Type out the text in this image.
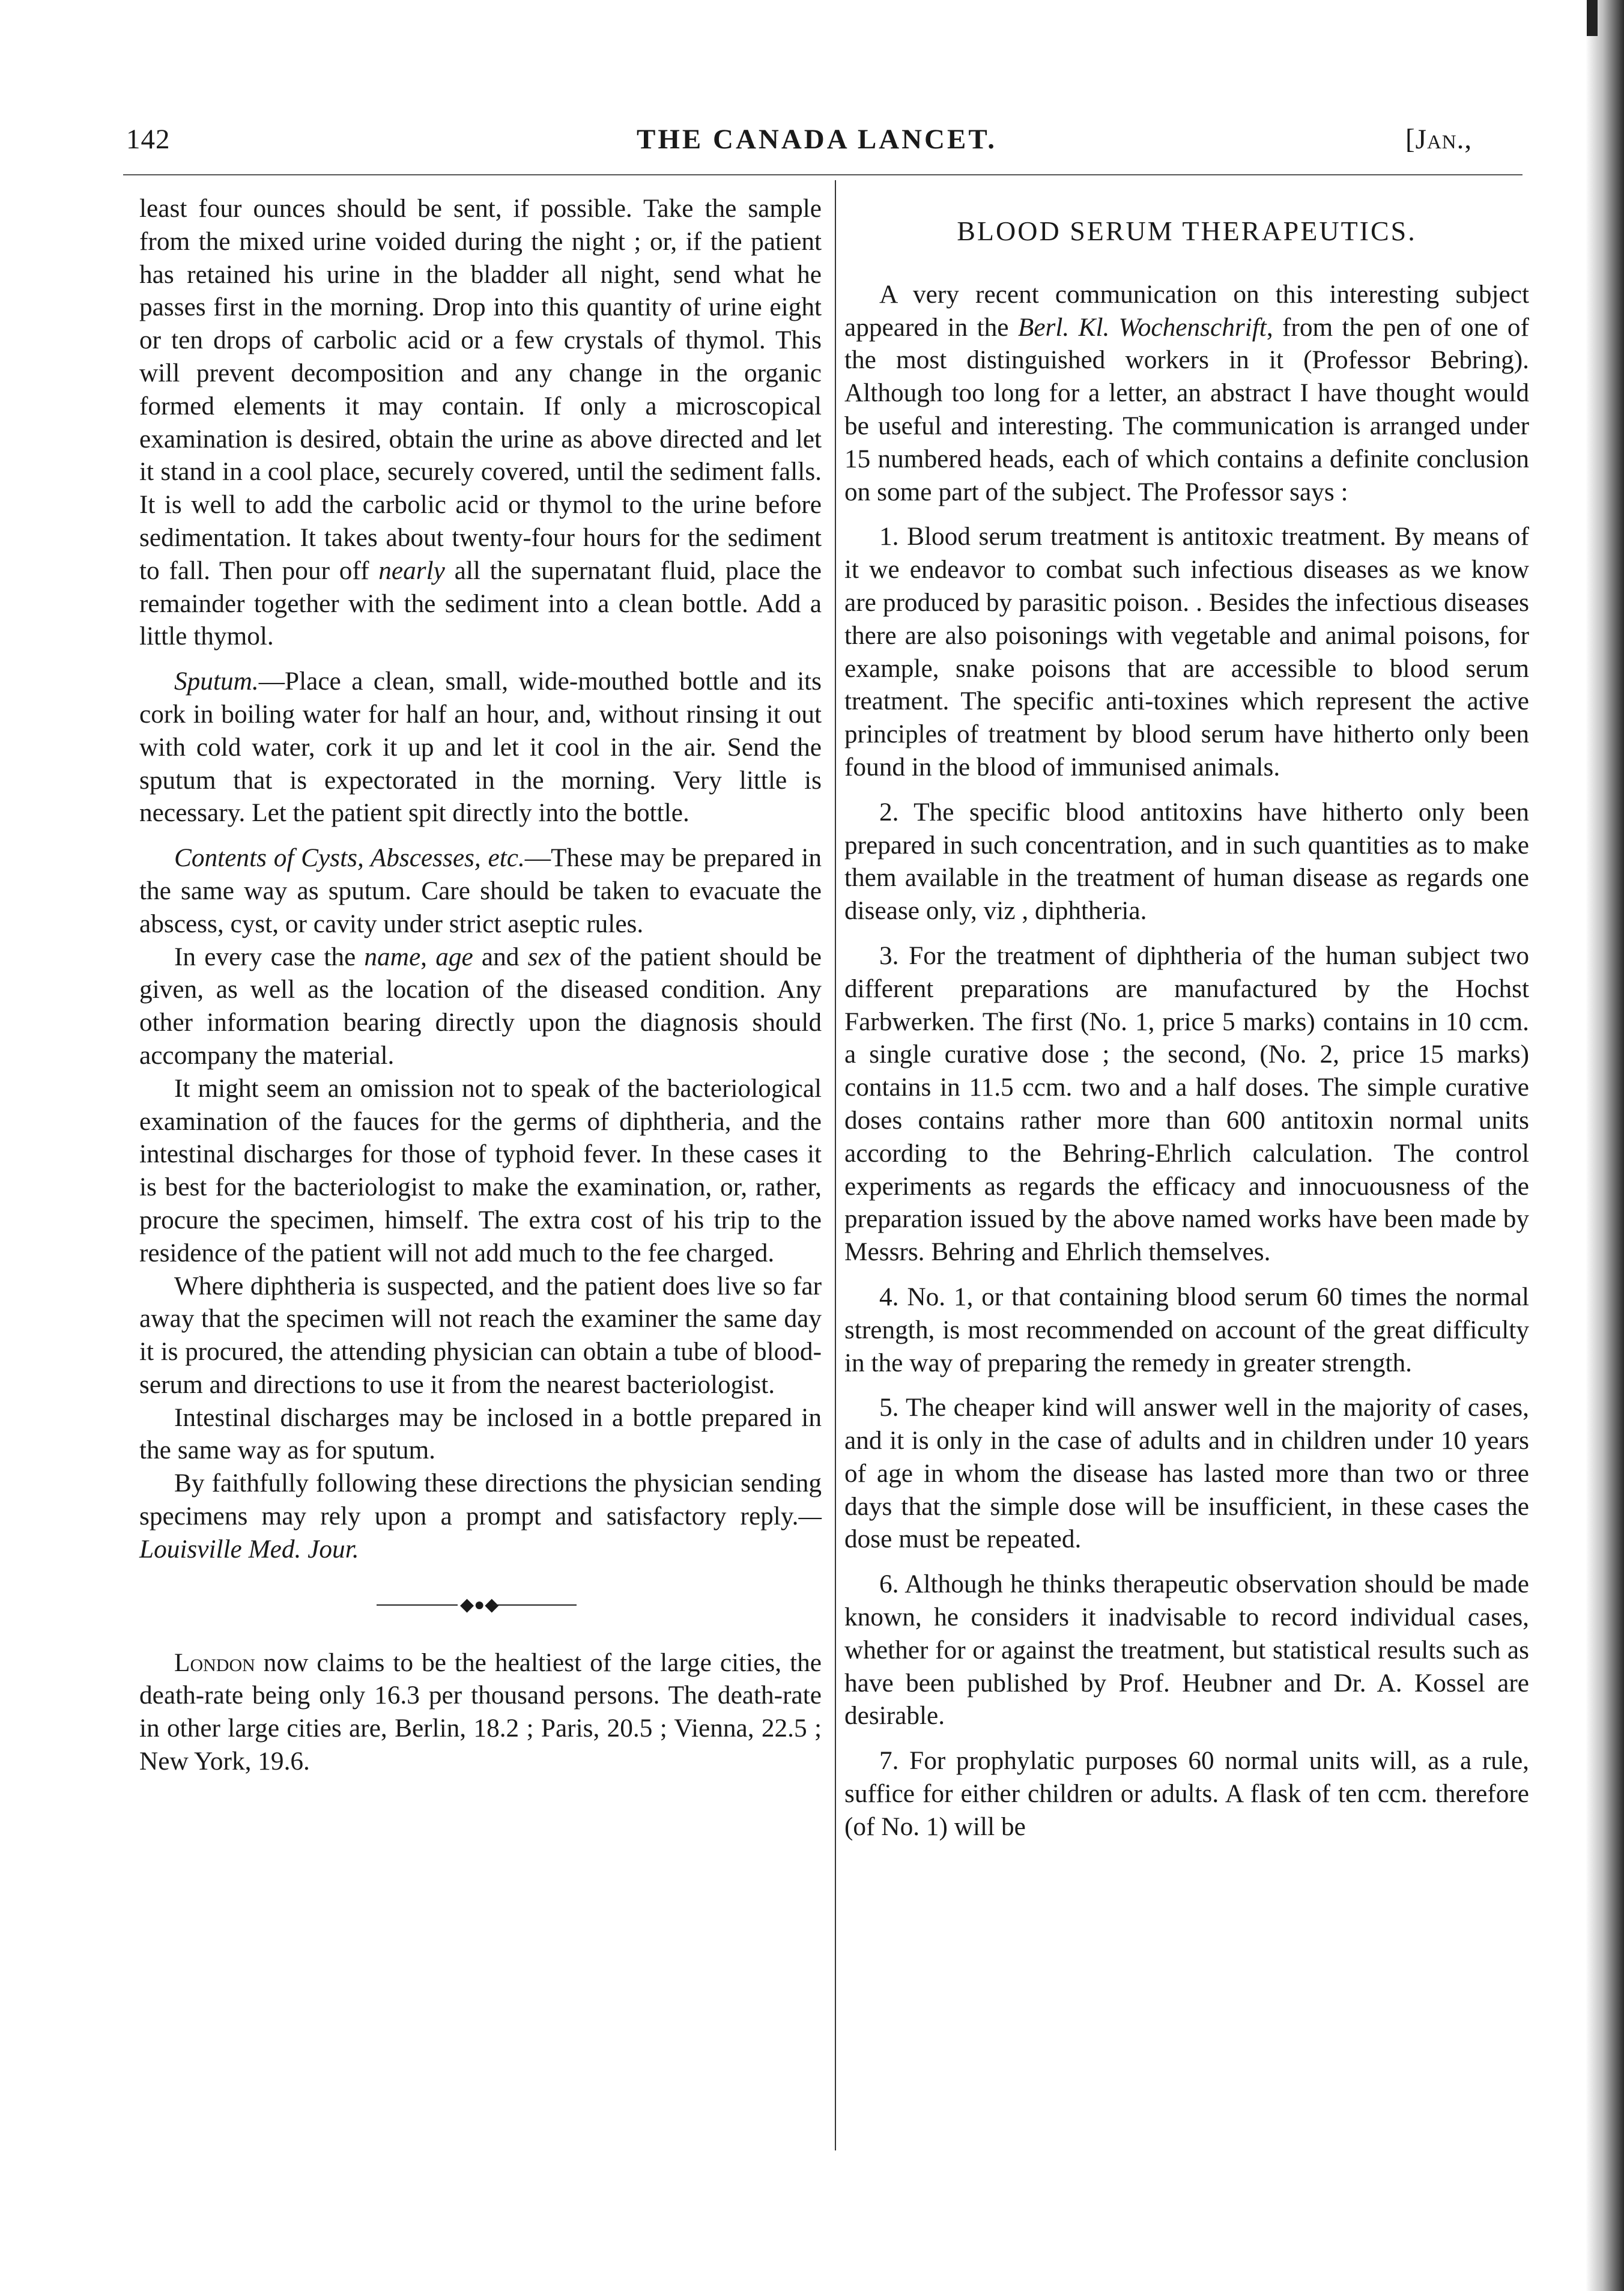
142	THE CANADA LANCET.	[Jan.,

least four ounces should be sent, if possible. Take the sample from the mixed urine voided during the night ; or, if the patient has retained his urine in the bladder all night, send what he passes first in the morning. Drop into this quantity of urine eight or ten drops of carbolic acid or a few crystals of thymol. This will prevent decomposition and any change in the organic formed elements it may contain. If only a microscopical examination is desired, obtain the urine as above directed and let it stand in a cool place, securely covered, until the sediment falls. It is well to add the carbolic acid or thymol to the urine before sedimentation. It takes about twenty-four hours for the sediment to fall. Then pour off nearly all the supernatant fluid, place the remainder together with the sediment into a clean bottle. Add a little thymol.

Sputum.—Place a clean, small, wide-mouthed bottle and its cork in boiling water for half an hour, and, without rinsing it out with cold water, cork it up and let it cool in the air. Send the sputum that is expectorated in the morning. Very little is necessary. Let the patient spit directly into the bottle.

Contents of Cysts, Abscesses, etc.—These may be prepared in the same way as sputum. Care should be taken to evacuate the abscess, cyst, or cavity under strict aseptic rules.

In every case the name, age and sex of the patient should be given, as well as the location of the diseased condition. Any other information bearing directly upon the diagnosis should accompany the material.

It might seem an omission not to speak of the bacteriological examination of the fauces for the germs of diphtheria, and the intestinal discharges for those of typhoid fever. In these cases it is best for the bacteriologist to make the examination, or, rather, procure the specimen, himself. The extra cost of his trip to the residence of the patient will not add much to the fee charged.

Where diphtheria is suspected, and the patient does live so far away that the specimen will not reach the examiner the same day it is procured, the attending physician can obtain a tube of blood-serum and directions to use it from the nearest bacteriologist.

Intestinal discharges may be inclosed in a bottle prepared in the same way as for sputum.

By faithfully following these directions the physician sending specimens may rely upon a prompt and satisfactory reply.—Louisville Med. Jour.

◆●◆

London now claims to be the healtiest of the large cities, the death-rate being only 16.3 per thousand persons. The death-rate in other large cities are, Berlin, 18.2 ; Paris, 20.5 ; Vienna, 22.5 ; New York, 19.6.

BLOOD SERUM THERAPEUTICS.

A very recent communication on this interesting subject appeared in the Berl. Kl. Wochenschrift, from the pen of one of the most distinguished workers in it (Professor Bebring). Although too long for a letter, an abstract I have thought would be useful and interesting. The communication is arranged under 15 numbered heads, each of which contains a definite conclusion on some part of the subject. The Professor says :

1. Blood serum treatment is antitoxic treatment. By means of it we endeavor to combat such infectious diseases as we know are produced by parasitic poison. . Besides the infectious diseases there are also poisonings with vegetable and animal poisons, for example, snake poisons that are accessible to blood serum treatment. The specific anti-toxines which represent the active principles of treatment by blood serum have hitherto only been found in the blood of immunised animals.

2. The specific blood antitoxins have hitherto only been prepared in such concentration, and in such quantities as to make them available in the treatment of human disease as regards one disease only, viz , diphtheria.

3. For the treatment of diphtheria of the human subject two different preparations are manufactured by the Hochst Farbwerken. The first (No. 1, price 5 marks) contains in 10 ccm. a single curative dose ; the second, (No. 2, price 15 marks) contains in 11.5 ccm. two and a half doses. The simple curative doses contains rather more than 600 antitoxin normal units according to the Behring-Ehrlich calculation. The control experiments as regards the efficacy and innocuousness of the preparation issued by the above named works have been made by Messrs. Behring and Ehrlich themselves.

4. No. 1, or that containing blood serum 60 times the normal strength, is most recommended on account of the great difficulty in the way of preparing the remedy in greater strength.

5. The cheaper kind will answer well in the majority of cases, and it is only in the case of adults and in children under 10 years of age in whom the disease has lasted more than two or three days that the simple dose will be insufficient, in these cases the dose must be repeated.

6. Although he thinks therapeutic observation should be made known, he considers it inadvisable to record individual cases, whether for or against the treatment, but statistical results such as have been published by Prof. Heubner and Dr. A. Kossel are desirable.

7. For prophylatic purposes 60 normal units will, as a rule, suffice for either children or adults. A flask of ten ccm. therefore (of No. 1) will be
